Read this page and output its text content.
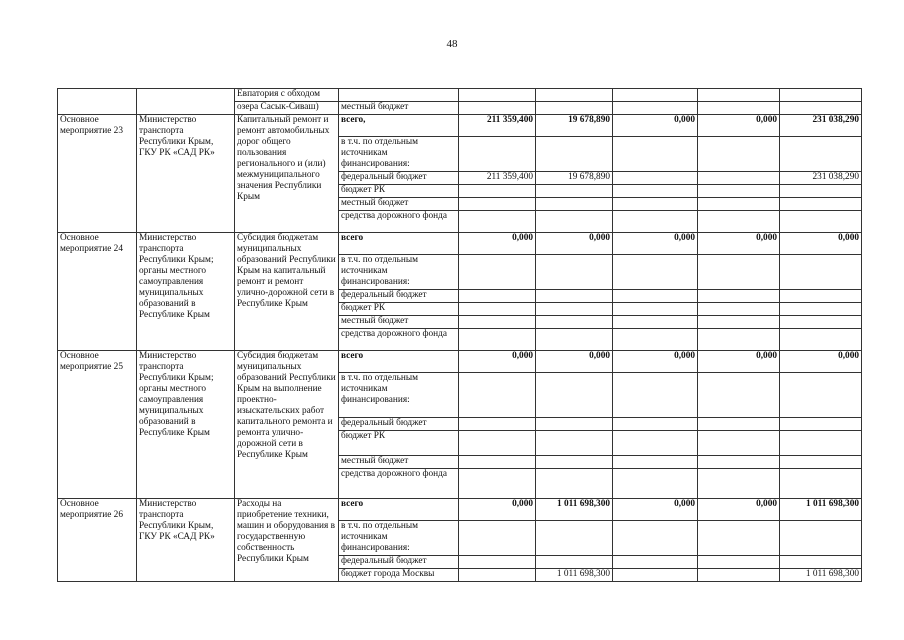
48
		Евпатория с обходом						
		озера Сасык-Сиваш)	местный бюджет					
Основное мероприятие 23	Министерство транспорта Республики Крым, ГКУ РК «САД РК»	Капитальный ремонт и ремонт автомобильных дорог общего пользования регионального и (или) межмуниципального значения Республики Крым	всего,	211 359,400	19 678,890	0,000	0,000	231 038,290
			в т.ч. по отдельным источникам финансирования:					
			федеральный бюджет	211 359,400	19 678,890			231 038,290
			бюджет РК					
			местный бюджет					
			средства дорожного фонда					
Основное мероприятие 24	Министерство транспорта Республики Крым; органы местного самоуправления муниципальных образований в Республике Крым	Субсидия бюджетам муниципальных образований Республики Крым на капитальный ремонт и ремонт улично-дорожной сети в Республике Крым	всего	0,000	0,000	0,000	0,000	0,000
			в т.ч. по отдельным источникам финансирования:					
			федеральный бюджет					
			бюджет РК					
			местный бюджет					
			средства дорожного фонда					
Основное мероприятие 25	Министерство транспорта Республики Крым; органы местного самоуправления муниципальных образований в Республике Крым	Субсидия бюджетам муниципальных образований Республики Крым на выполнение проектно-изыскательских работ капитального ремонта и ремонта улично-дорожной сети в Республике Крым	всего	0,000	0,000	0,000	0,000	0,000
			в т.ч. по отдельным источникам финансирования:					
			федеральный бюджет					
			бюджет РК					
			местный бюджет					
			средства дорожного фонда					
Основное мероприятие 26	Министерство транспорта Республики Крым, ГКУ РК «САД РК»	Расходы на приобретение техники, машин и оборудования в государственную собственность Республики Крым	всего	0,000	1 011 698,300	0,000	0,000	1 011 698,300
			в т.ч. по отдельным источникам финансирования:					
			федеральный бюджет					
			бюджет города Москвы		1 011 698,300			1 011 698,300
